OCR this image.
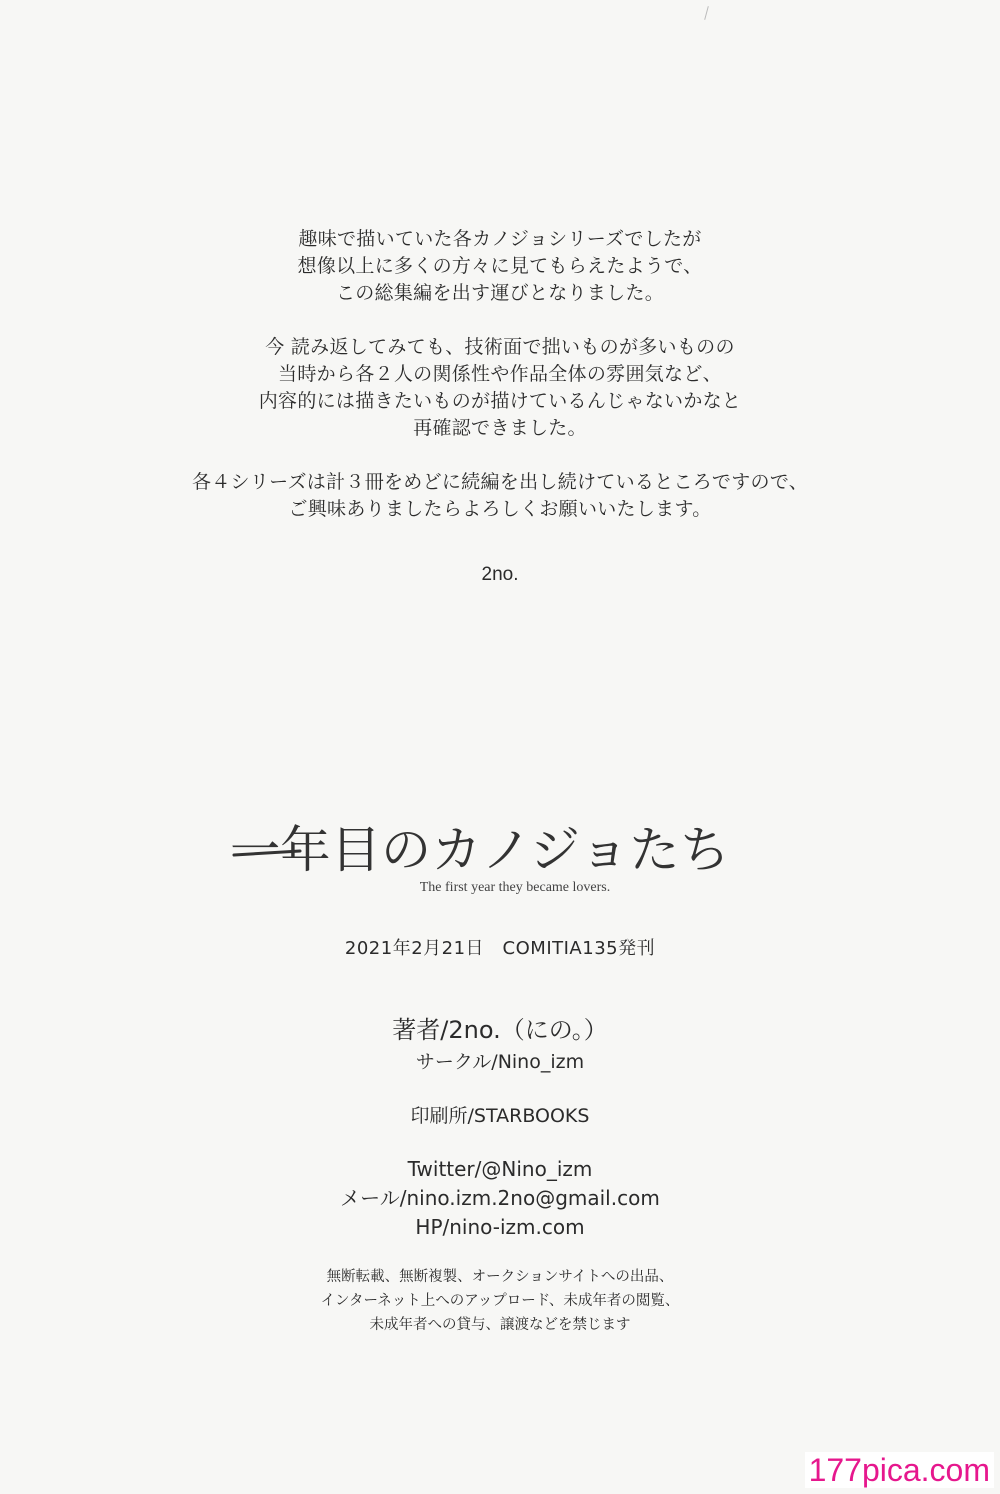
趣味で描いていた各カノジョシリーズでしたが
想像以上に多くの方々に見てもらえたようで、
この総集編を出す運びとなりました。
今 読み返してみても、技術面で拙いものが多いものの
当時から各２人の関係性や作品全体の雰囲気など、
内容的には描きたいものが描けているんじゃないかなと
再確認できました。
各４シリーズは計３冊をめどに続編を出し続けているところですので、
ご興味ありましたらよろしくお願いいたします。
2no.
一年目のカノジョたち
The first year they became lovers.
2021年2月21日　COMITIA135発刊
著者/2no.（にの。）
サークル/Nino_izm
印刷所/STARBOOKS
Twitter/@Nino_izm
メール/nino.izm.2no@gmail.com
HP/nino-izm.com
無断転載、無断複製、オークションサイトへの出品、
インターネット上へのアップロード、未成年者の閲覧、
未成年者への貸与、譲渡などを禁じます
177pica.com
